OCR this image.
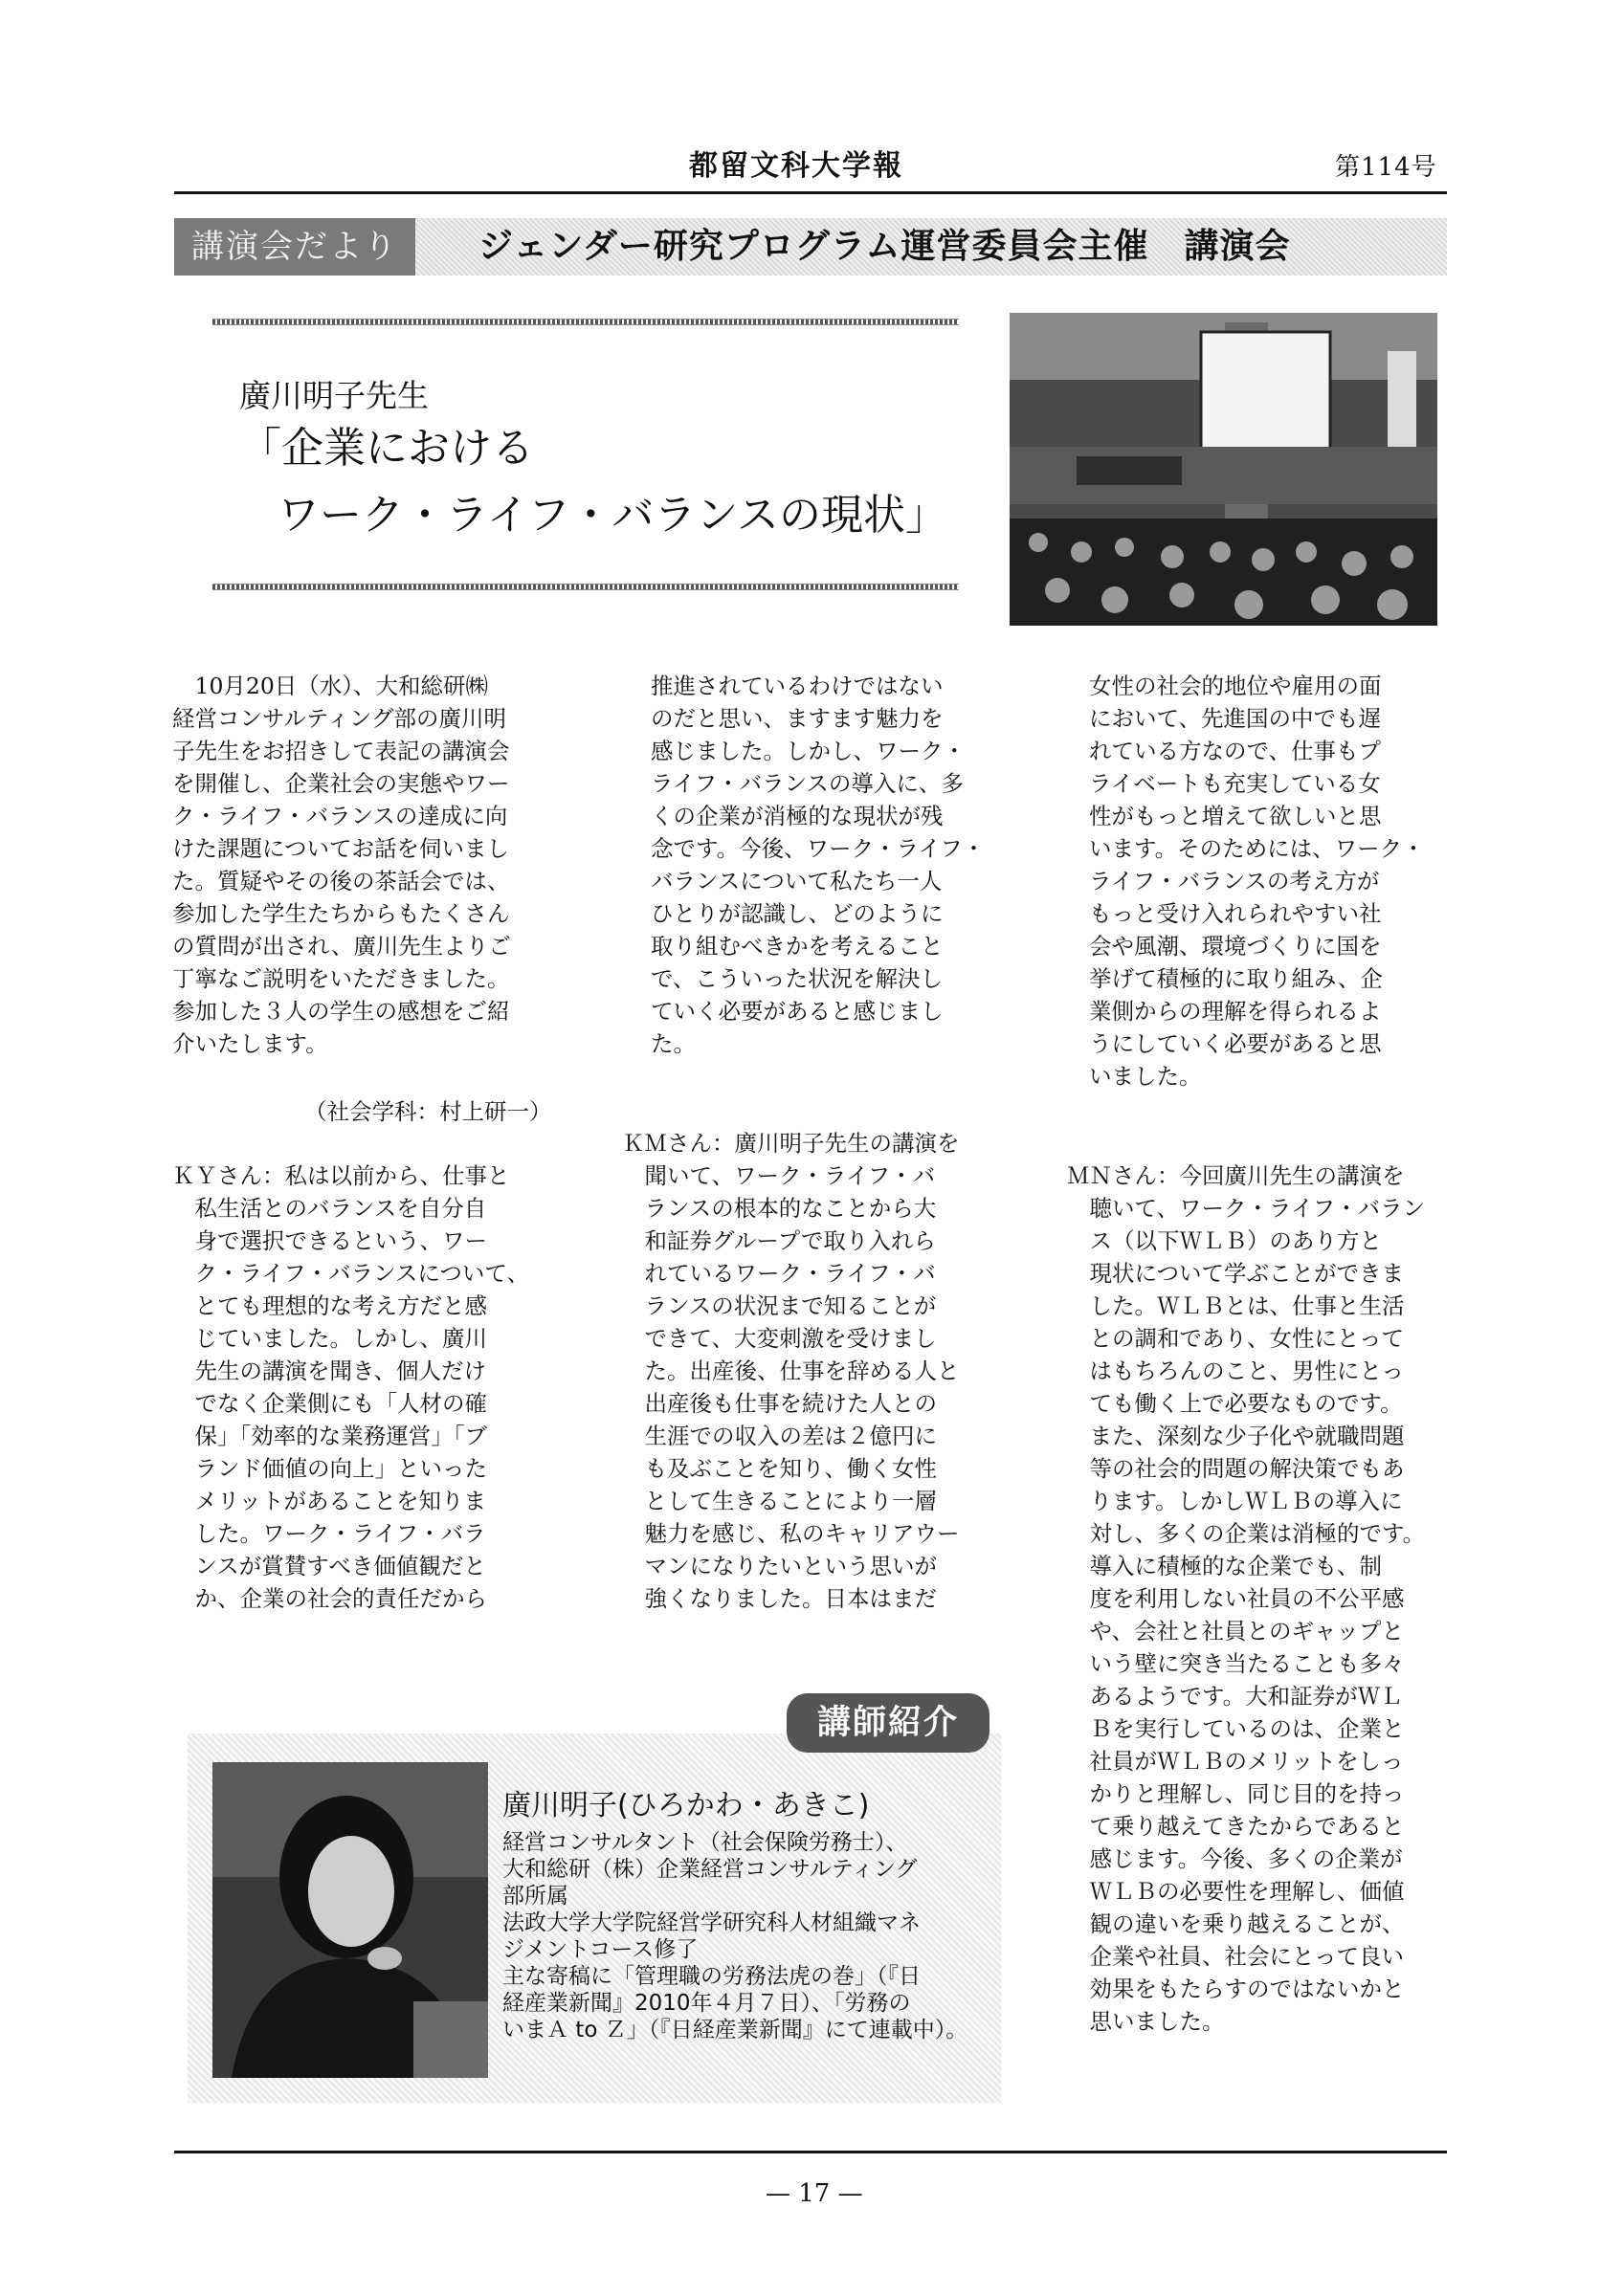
都留文科大学報	第114号
講演会だより	ジェンダー研究プログラム運営委員会主催　講演会
廣川明子先生
「企業における
ワーク・ライフ・バランスの現状」
　10月20日（水）、大和総研㈱
経営コンサルティング部の廣川明
子先生をお招きして表記の講演会
を開催し、企業社会の実態やワー
ク・ライフ・バランスの達成に向
けた課題についてお話を伺いまし
た。質疑やその後の茶話会では、
参加した学生たちからもたくさん
の質問が出され、廣川先生よりご
丁寧なご説明をいただきました。
参加した３人の学生の感想をご紹
介いたします。
（社会学科：村上研一）
ＫＹさん：私は以前から、仕事と
　私生活とのバランスを自分自
　身で選択できるという、ワー
　ク・ライフ・バランスについて、
　とても理想的な考え方だと感
　じていました。しかし、廣川
　先生の講演を聞き、個人だけ
　でなく企業側にも「人材の確
　保」「効率的な業務運営」「ブ
　ランド価値の向上」といった
　メリットがあることを知りま
　した。ワーク・ライフ・バラ
　ンスが賞賛すべき価値観だと
　か、企業の社会的責任だから
推進されているわけではない
のだと思い、ますます魅力を
感じました。しかし、ワーク・
ライフ・バランスの導入に、多
くの企業が消極的な現状が残
念です。今後、ワーク・ライフ・
バランスについて私たち一人
ひとりが認識し、どのように
取り組むべきかを考えること
で、こういった状況を解決し
ていく必要があると感じまし
た。
ＫＭさん：廣川明子先生の講演を
　聞いて、ワーク・ライフ・バ
　ランスの根本的なことから大
　和証券グループで取り入れら
　れているワーク・ライフ・バ
　ランスの状況まで知ることが
　できて、大変刺激を受けまし
　た。出産後、仕事を辞める人と
　出産後も仕事を続けた人との
　生涯での収入の差は２億円に
　も及ぶことを知り、働く女性
　として生きることにより一層
　魅力を感じ、私のキャリアウー
　マンになりたいという思いが
　強くなりました。日本はまだ
女性の社会的地位や雇用の面
において、先進国の中でも遅
れている方なので、仕事もプ
ライベートも充実している女
性がもっと増えて欲しいと思
います。そのためには、ワーク・
ライフ・バランスの考え方が
もっと受け入れられやすい社
会や風潮、環境づくりに国を
挙げて積極的に取り組み、企
業側からの理解を得られるよ
うにしていく必要があると思
いました。
ＭＮさん：今回廣川先生の講演を
　聴いて、ワーク・ライフ・バラン
　ス（以下ＷＬＢ）のあり方と
　現状について学ぶことができま
　した。ＷＬＢとは、仕事と生活
　との調和であり、女性にとって
　はもちろんのこと、男性にとっ
　ても働く上で必要なものです。
　また、深刻な少子化や就職問題
　等の社会的問題の解決策でもあ
　ります。しかしＷＬＢの導入に
　対し、多くの企業は消極的です。
　導入に積極的な企業でも、制
　度を利用しない社員の不公平感
　や、会社と社員とのギャップと
　いう壁に突き当たることも多々
　あるようです。大和証券がＷＬ
　Ｂを実行しているのは、企業と
　社員がＷＬＢのメリットをしっ
　かりと理解し、同じ目的を持っ
　て乗り越えてきたからであると
　感じます。今後、多くの企業が
　ＷＬＢの必要性を理解し、価値
　観の違いを乗り越えることが、
　企業や社員、社会にとって良い
　効果をもたらすのではないかと
　思いました。
講師紹介
廣川明子(ひろかわ・あきこ)
経営コンサルタント（社会保険労務士）、
大和総研（株）企業経営コンサルティング
部所属
法政大学大学院経営学研究科人材組織マネ
ジメントコース修了
主な寄稿に「管理職の労務法虎の巻」（『日
経産業新聞』2010年４月７日）、「労務の
いまＡ to Ｚ」（『日経産業新聞』にて連載中）。
— 17 —
